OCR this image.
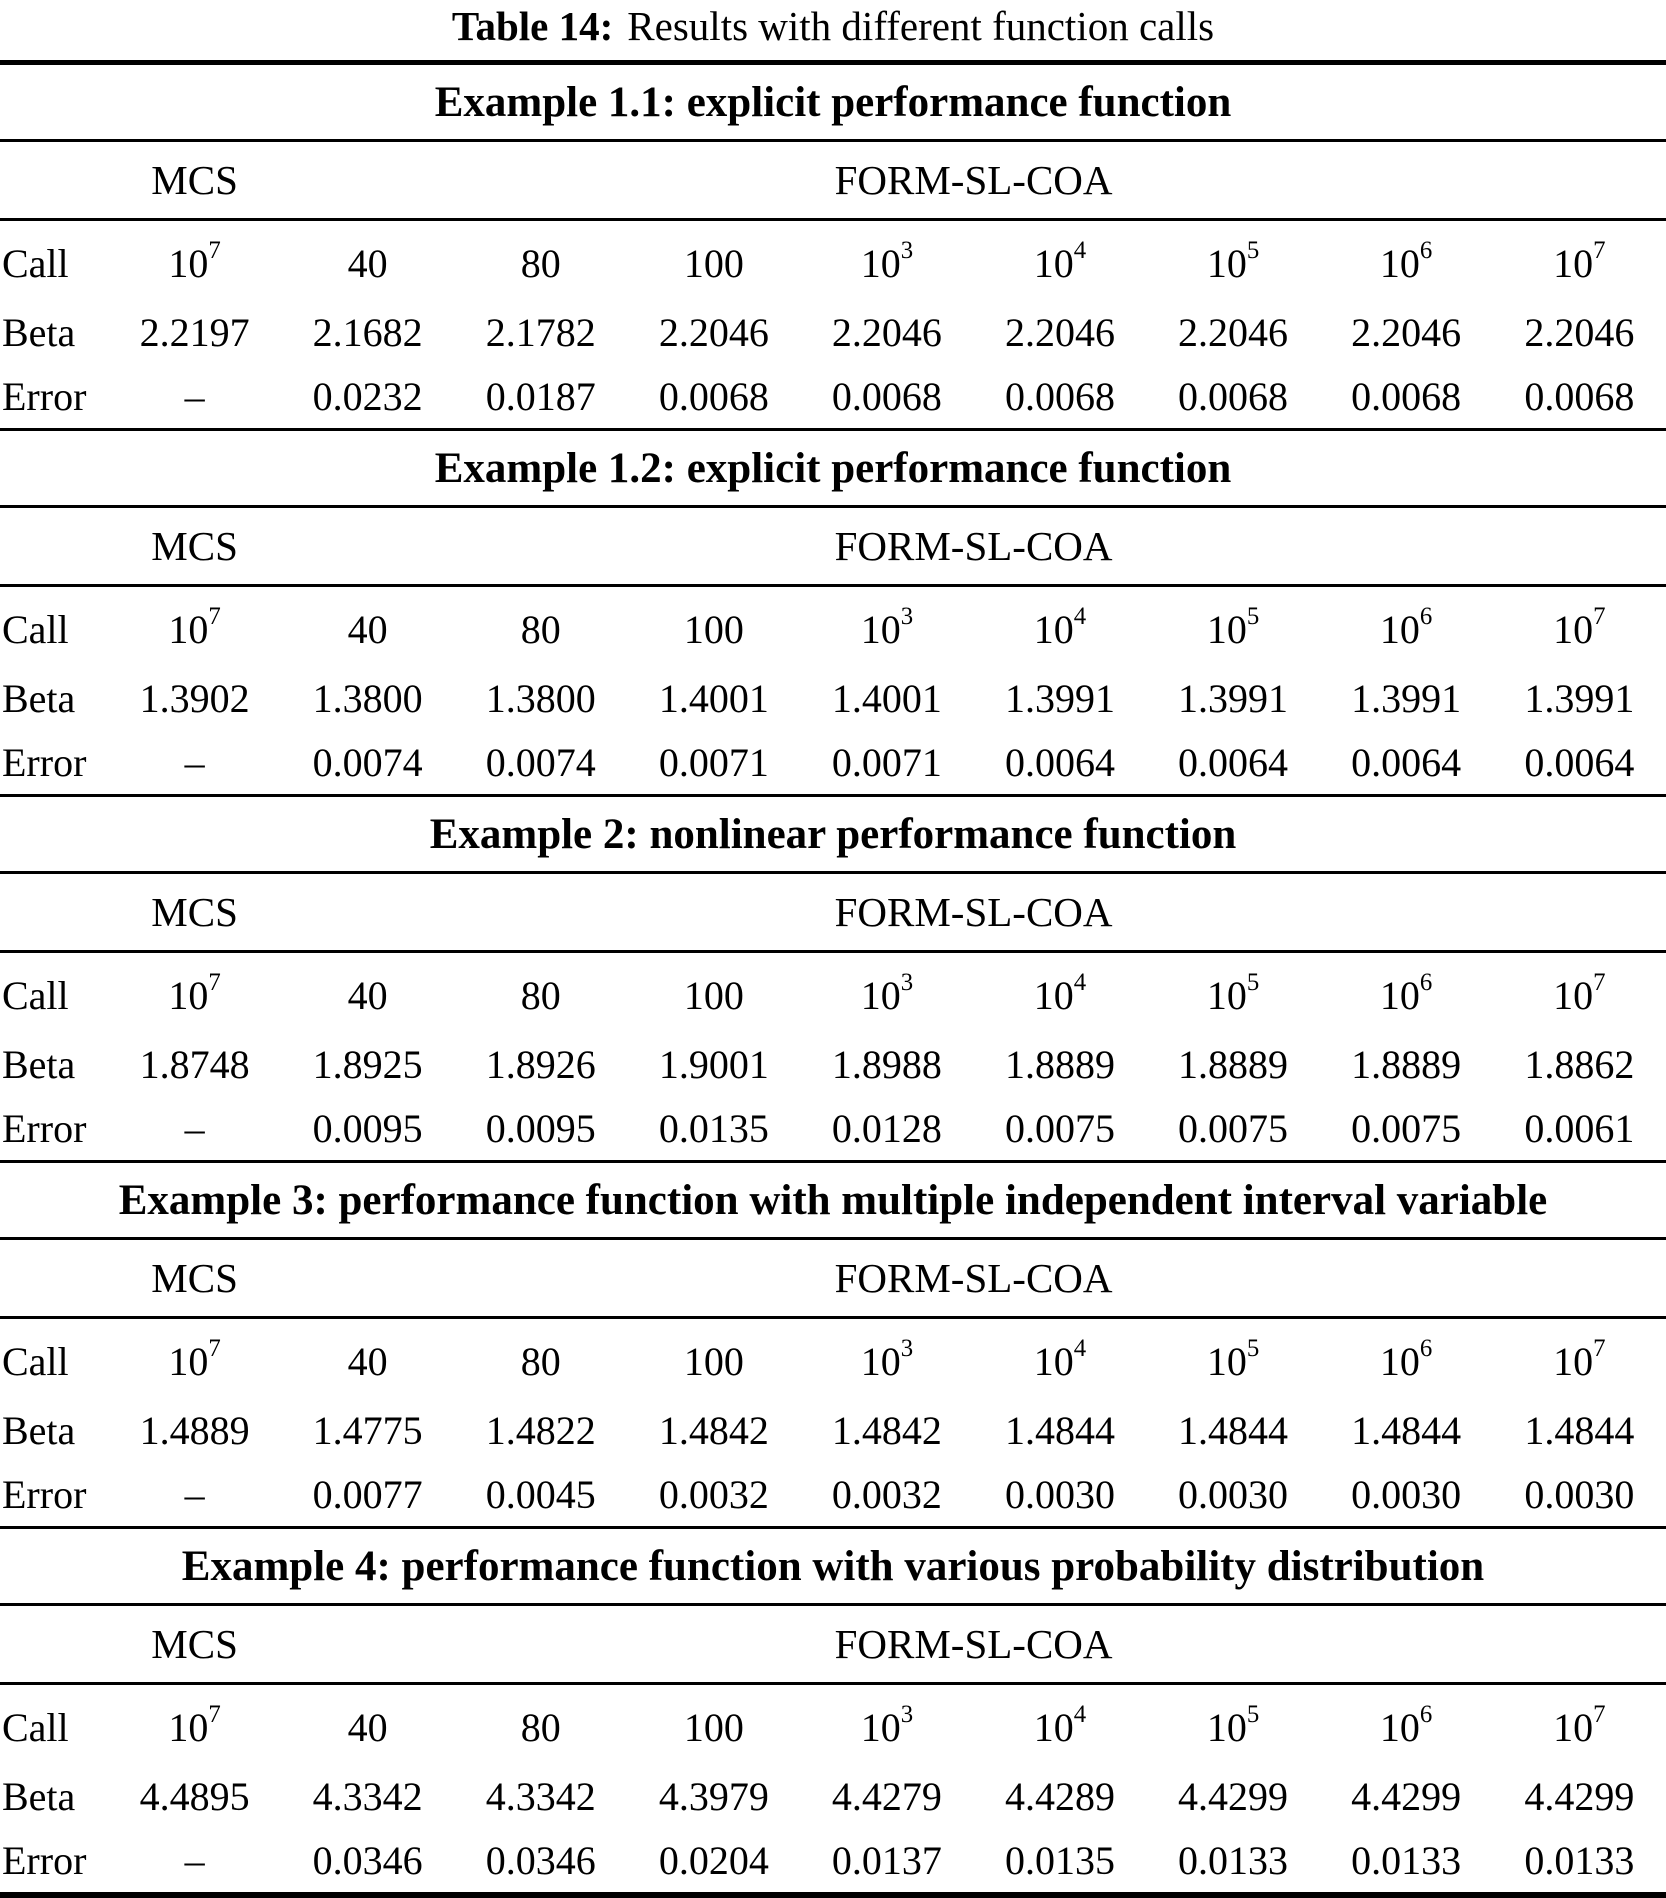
Table 14: Results with different function calls
Example 1.1: explicit performance function									
	MCS	FORM-SL-COA							
Call	$10^7$	40	80	100	$10^3$	$10^4$	$10^5$	$10^6$	$10^7$
Beta	2.2197	2.1682	2.1782	2.2046	2.2046	2.2046	2.2046	2.2046	2.2046
Error	–	0.0232	0.0187	0.0068	0.0068	0.0068	0.0068	0.0068	0.0068
Example 1.2: explicit performance function									
	MCS	FORM-SL-COA							
Call	$10^7$	40	80	100	$10^3$	$10^4$	$10^5$	$10^6$	$10^7$
Beta	1.3902	1.3800	1.3800	1.4001	1.4001	1.3991	1.3991	1.3991	1.3991
Error	–	0.0074	0.0074	0.0071	0.0071	0.0064	0.0064	0.0064	0.0064
Example 2: nonlinear performance function									
	MCS	FORM-SL-COA							
Call	$10^7$	40	80	100	$10^3$	$10^4$	$10^5$	$10^6$	$10^7$
Beta	1.8748	1.8925	1.8926	1.9001	1.8988	1.8889	1.8889	1.8889	1.8862
Error	–	0.0095	0.0095	0.0135	0.0128	0.0075	0.0075	0.0075	0.0061
Example 3: performance function with multiple independent interval variable									
	MCS	FORM-SL-COA							
Call	$10^7$	40	80	100	$10^3$	$10^4$	$10^5$	$10^6$	$10^7$
Beta	1.4889	1.4775	1.4822	1.4842	1.4842	1.4844	1.4844	1.4844	1.4844
Error	–	0.0077	0.0045	0.0032	0.0032	0.0030	0.0030	0.0030	0.0030
Example 4: performance function with various probability distribution									
	MCS	FORM-SL-COA							
Call	$10^7$	40	80	100	$10^3$	$10^4$	$10^5$	$10^6$	$10^7$
Beta	4.4895	4.3342	4.3342	4.3979	4.4279	4.4289	4.4299	4.4299	4.4299
Error	–	0.0346	0.0346	0.0204	0.0137	0.0135	0.0133	0.0133	0.0133
